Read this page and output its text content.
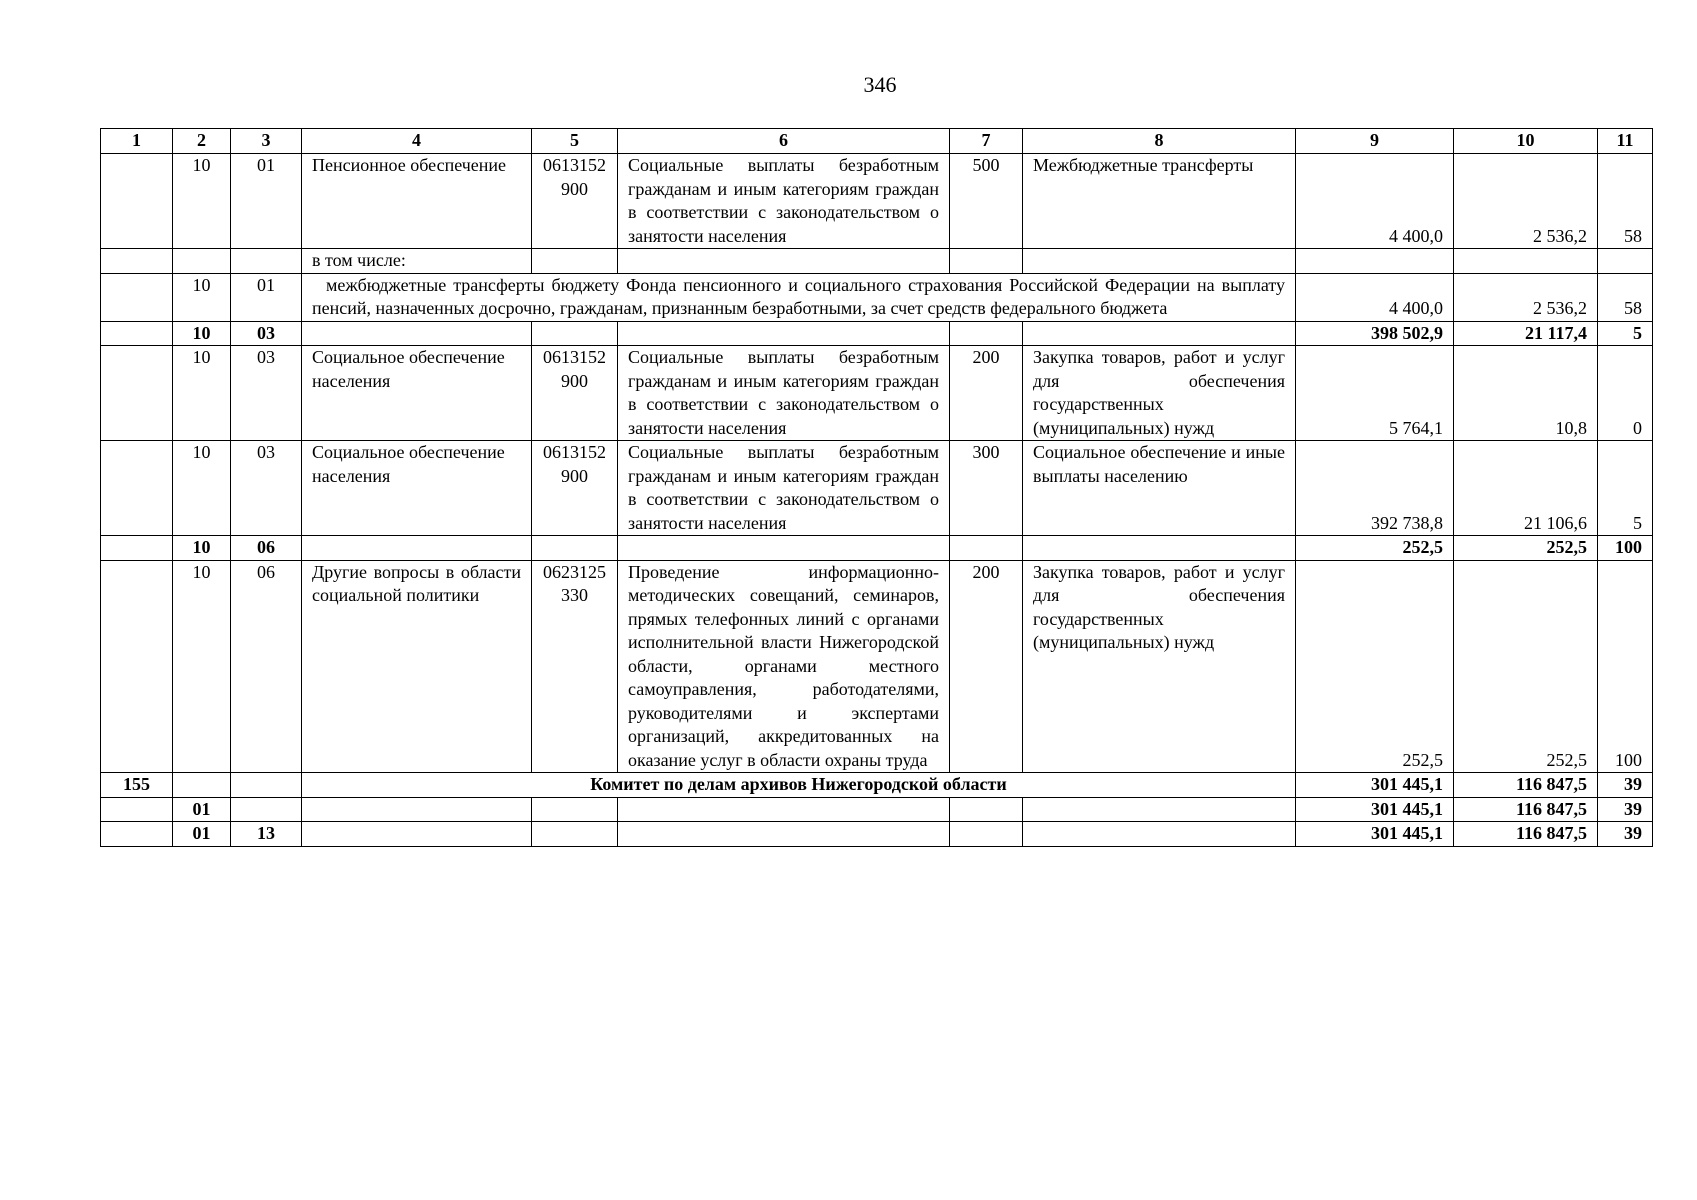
346
1	2	3	4	5	6	7	8	9	10	11
	10	01	Пенсионное обеспечение	0613152900	Социальные выплаты безработным гражданам и иным категориям граждан в соответствии с законодательством о занятости населения	500	Межбюджетные трансферты	4 400,0	2 536,2	58
			в том числе:							
	10	01	межбюджетные трансферты бюджету Фонда пенсионного и социального страхования Российской Федерации на выплату пенсий, назначенных досрочно, гражданам, признанным безработными, за счет средств федерального бюджета					4 400,0	2 536,2	58
	10	03						398 502,9	21 117,4	5
	10	03	Социальное обеспечение населения	0613152900	Социальные выплаты безработным гражданам и иным категориям граждан в соответствии с законодательством о занятости населения	200	Закупка товаров, работ и услуг для обеспечения государственных (муниципальных) нужд	5 764,1	10,8	0
	10	03	Социальное обеспечение населения	0613152900	Социальные выплаты безработным гражданам и иным категориям граждан в соответствии с законодательством о занятости населения	300	Социальное обеспечение и иные выплаты населению	392 738,8	21 106,6	5
	10	06						252,5	252,5	100
	10	06	Другие вопросы в области социальной политики	0623125330	Проведение информационно-методических совещаний, семинаров, прямых телефонных линий с органами исполнительной власти Нижегородской области, органами местного самоуправления, работодателями, руководителями и экспертами организаций, аккредитованных на оказание услуг в области охраны труда	200	Закупка товаров, работ и услуг для обеспечения государственных (муниципальных) нужд	252,5	252,5	100
155			Комитет по делам архивов Нижегородской области					301 445,1	116 847,5	39
	01							301 445,1	116 847,5	39
	01	13						301 445,1	116 847,5	39
